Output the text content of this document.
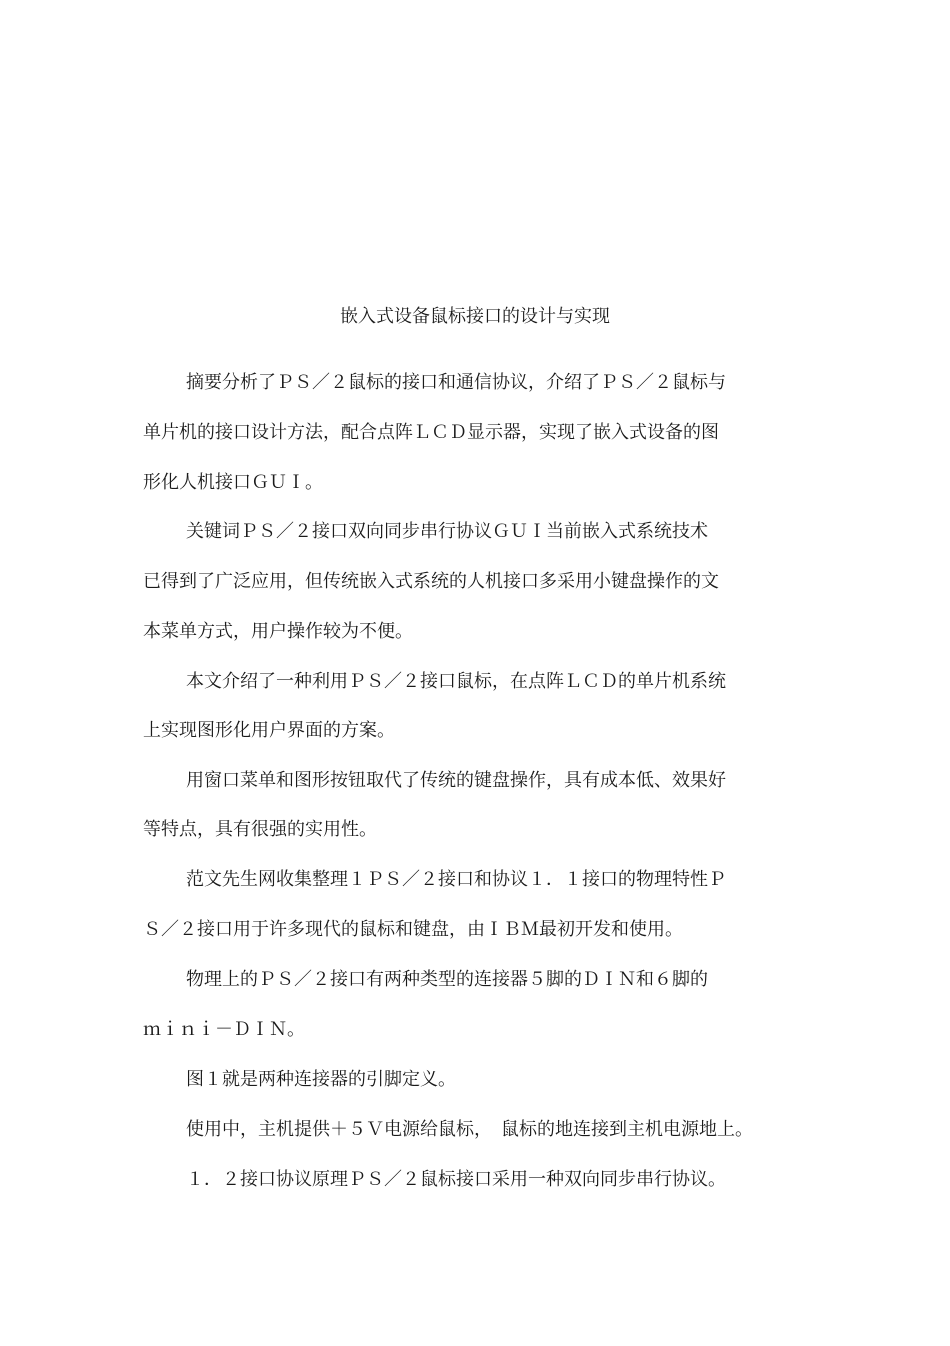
嵌入式设备鼠标接口的设计与实现
摘要分析了ＰＳ／２鼠标的接口和通信协议，介绍了ＰＳ／２鼠标与
单片机的接口设计方法，配合点阵ＬＣＤ显示器，实现了嵌入式设备的图
形化人机接口ＧＵＩ。
关键词ＰＳ／２接口双向同步串行协议ＧＵＩ当前嵌入式系统技术
已得到了广泛应用，但传统嵌入式系统的人机接口多采用小键盘操作的文
本菜单方式，用户操作较为不便。
本文介绍了一种利用ＰＳ／２接口鼠标，在点阵ＬＣＤ的单片机系统
上实现图形化用户界面的方案。
用窗口菜单和图形按钮取代了传统的键盘操作，具有成本低、效果好
等特点，具有很强的实用性。
范文先生网收集整理１ＰＳ／２接口和协议１．１接口的物理特性Ｐ
Ｓ／２接口用于许多现代的鼠标和键盘，由ＩＢＭ最初开发和使用。
物理上的ＰＳ／２接口有两种类型的连接器５脚的ＤＩＮ和６脚的
ｍｉｎｉ－ＤＩＮ。
图１就是两种连接器的引脚定义。
使用中，主机提供＋５Ｖ电源给鼠标，　鼠标的地连接到主机电源地上。
１．２接口协议原理ＰＳ／２鼠标接口采用一种双向同步串行协议。
